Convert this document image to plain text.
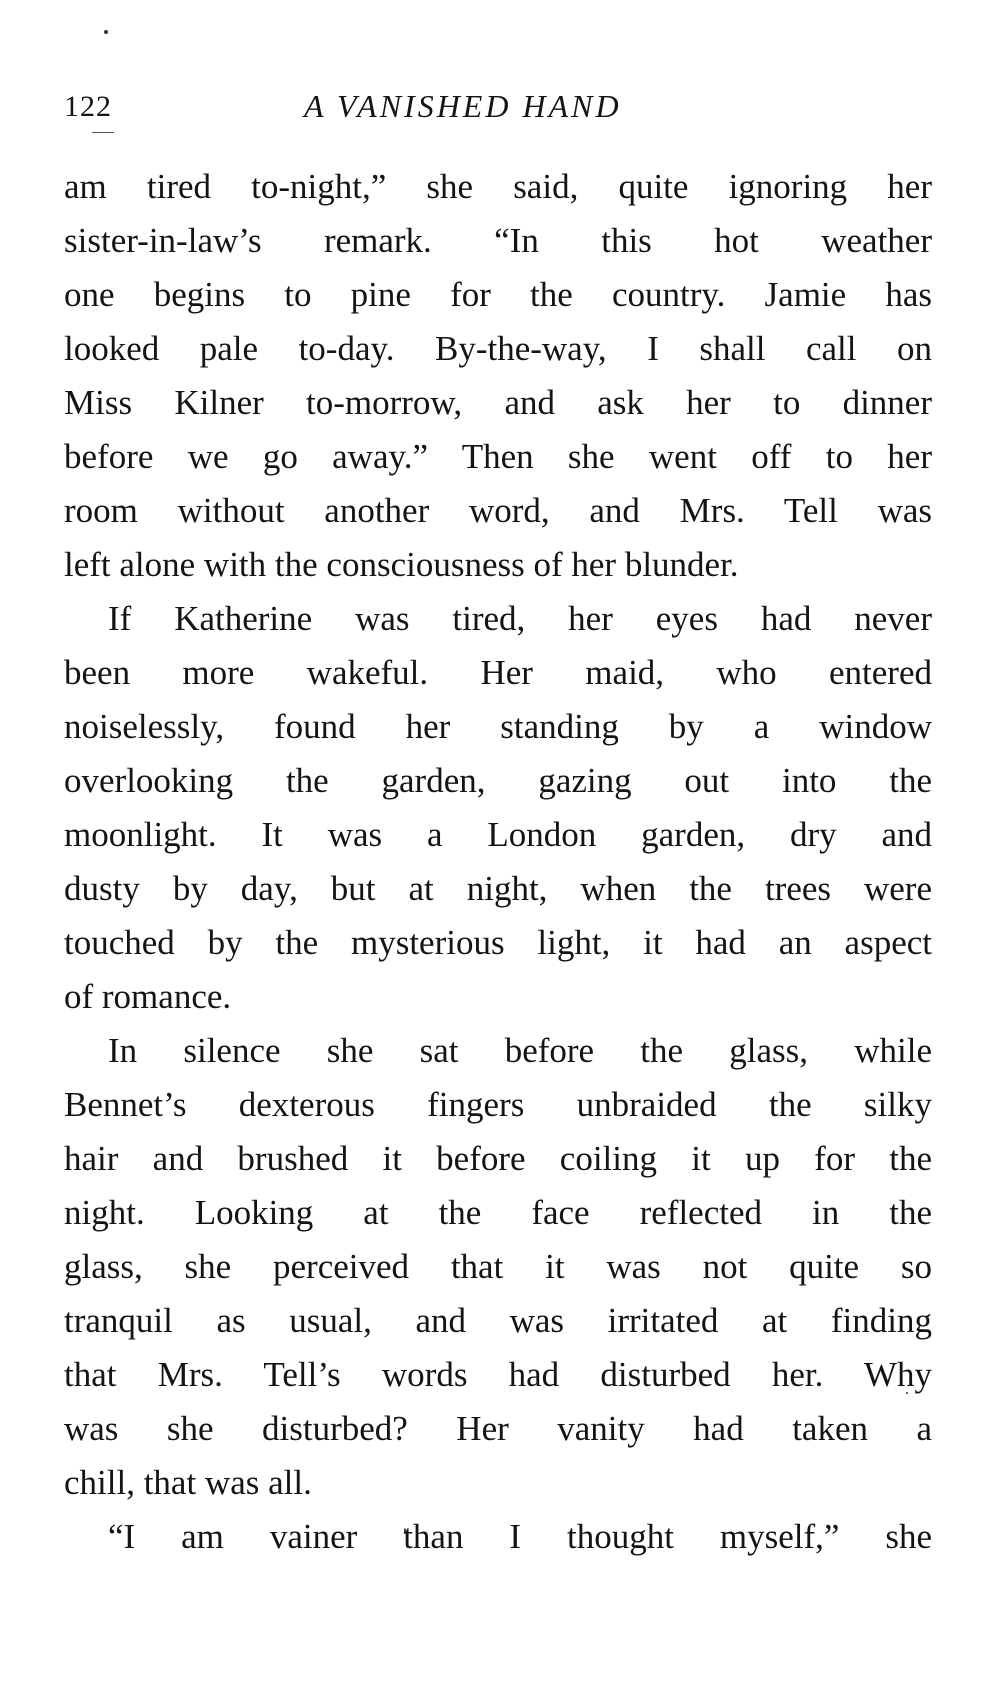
122	A VANISHED HAND
am tired to-night,” she said, quite ignoring her
sister-in-law’s remark. “In this hot weather
one begins to pine for the country. Jamie has
looked pale to-day. By-the-way, I shall call on
Miss Kilner to-morrow, and ask her to dinner
before we go away.” Then she went off to her
room without another word, and Mrs. Tell was
left alone with the consciousness of her blunder.
If Katherine was tired, her eyes had never
been more wakeful. Her maid, who entered
noiselessly, found her standing by a window
overlooking the garden, gazing out into the
moonlight. It was a London garden, dry and
dusty by day, but at night, when the trees were
touched by the mysterious light, it had an aspect
of romance.
In silence she sat before the glass, while
Bennet’s dexterous fingers unbraided the silky
hair and brushed it before coiling it up for the
night. Looking at the face reflected in the
glass, she perceived that it was not quite so
tranquil as usual, and was irritated at finding
that Mrs. Tell’s words had disturbed her. Why
was she disturbed? Her vanity had taken a
chill, that was all.
“I am vainer than I thought myself,” she
